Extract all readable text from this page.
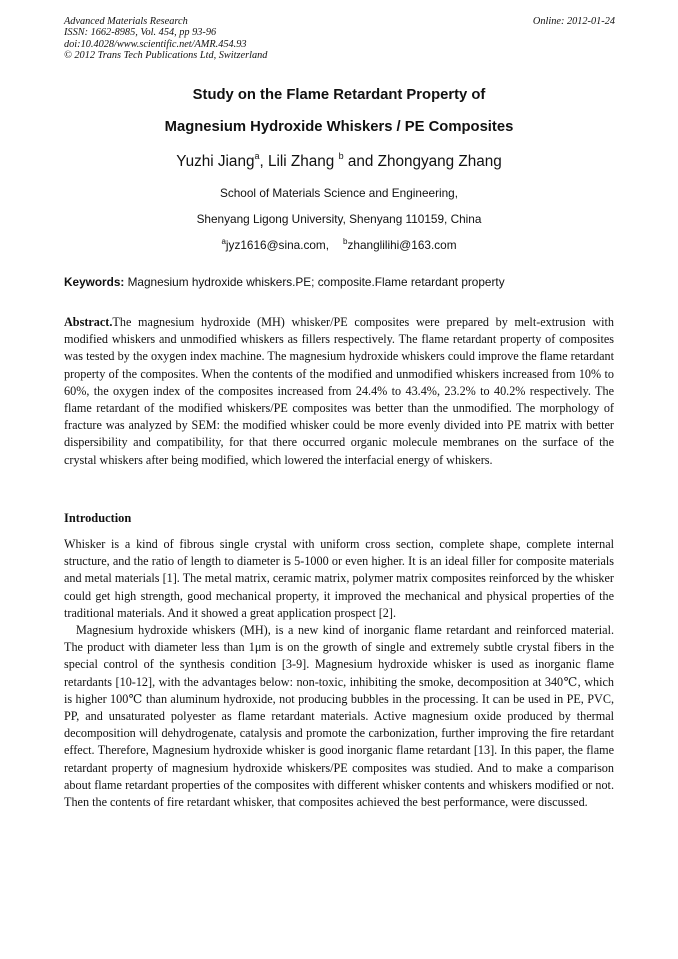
Advanced Materials Research
ISSN: 1662-8985, Vol. 454, pp 93-96
doi:10.4028/www.scientific.net/AMR.454.93
© 2012 Trans Tech Publications Ltd, Switzerland
Online: 2012-01-24
Study on the Flame Retardant Property of
Magnesium Hydroxide Whiskers / PE Composites
Yuzhi Jiang$^a$, Lili Zhang $^b$ and Zhongyang Zhang
School of Materials Science and Engineering,
Shenyang Ligong University, Shenyang 110159, China
$^a$jyz1616@sina.com, $^b$zhanglilihi@163.com
Keywords: Magnesium hydroxide whiskers.PE; composite.Flame retardant property

Abstract.The magnesium hydroxide (MH) whisker/PE composites were prepared by melt-extrusion with modified whiskers and unmodified whiskers as fillers respectively. The flame retardant property of composites was tested by the oxygen index machine. The magnesium hydroxide whiskers could improve the flame retardant property of the composites. When the contents of the modified and unmodified whiskers increased from 10% to 60%, the oxygen index of the composites increased from 24.4% to 43.4%, 23.2% to 40.2% respectively. The flame retardant of the modified whiskers/PE composites was better than the unmodified. The morphology of fracture was analyzed by SEM: the modified whisker could be more evenly divided into PE matrix with better dispersibility and compatibility, for that there occurred organic molecule membranes on the surface of the crystal whiskers after being modified, which lowered the interfacial energy of whiskers.

Introduction

Whisker is a kind of fibrous single crystal with uniform cross section, complete shape, complete internal structure, and the ratio of length to diameter is 5-1000 or even higher. It is an ideal filler for composite materials and metal materials [1]. The metal matrix, ceramic matrix, polymer matrix composites reinforced by the whisker could get high strength, good mechanical property, it improved the mechanical and physical properties of the traditional materials. And it showed a great application prospect [2].

Magnesium hydroxide whiskers (MH), is a new kind of inorganic flame retardant and reinforced material. The product with diameter less than 1μm is on the growth of single and extremely subtle crystal fibers in the special control of the synthesis condition [3-9]. Magnesium hydroxide whisker is used as inorganic flame retardants [10-12], with the advantages below: non-toxic, inhibiting the smoke, decomposition at 340℃, which is higher 100℃ than aluminum hydroxide, not producing bubbles in the processing. It can be used in PE, PVC, PP, and unsaturated polyester as flame retardant materials. Active magnesium oxide produced by thermal decomposition will dehydrogenate, catalysis and promote the carbonization, further improving the fire retardant effect. Therefore, Magnesium hydroxide whisker is good inorganic flame retardant [13]. In this paper, the flame retardant property of magnesium hydroxide whiskers/PE composites was studied. And to make a comparison about flame retardant properties of the composites with different whisker contents and whiskers modified or not. Then the contents of fire retardant whisker, that composites achieved the best performance, were discussed.
